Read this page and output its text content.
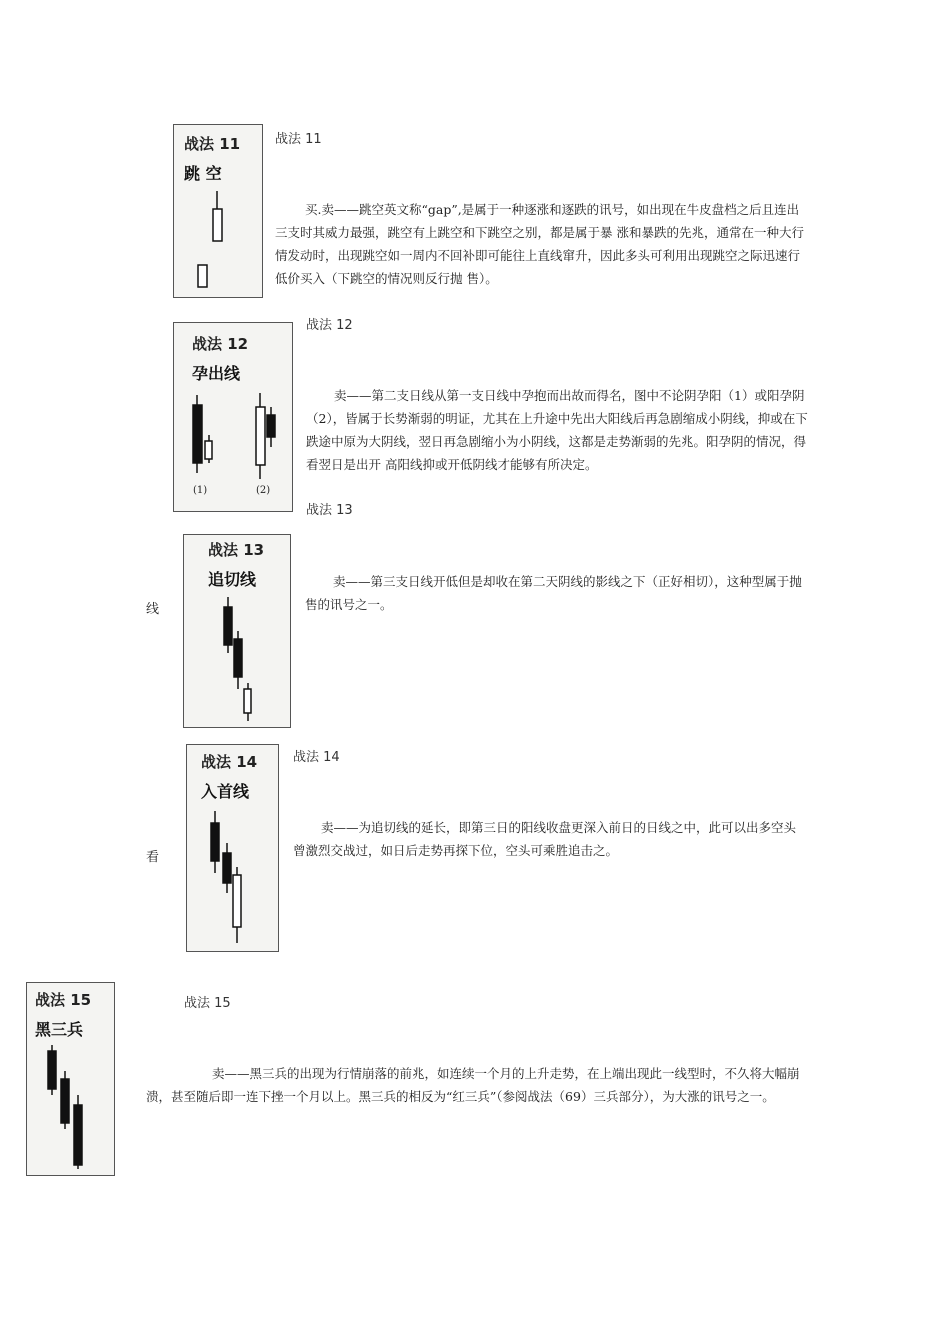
战法 11
跳 空
战法 11

买.卖——跳空英文称“gap”,是属于一种逐涨和逐跌的讯号，如出现在牛皮盘档之后且连出三支时其威力最强，跳空有上跳空和下跳空之别，都是属于暴 涨和暴跌的先兆，通常在一种大行情发动时，出现跳空如一周内不回补即可能往上直线窜升，因此多头可利用出现跳空之际迅速行低价买入（下跳空的情况则反行抛 售）。

战法 12
孕出线
(1)	(2)
战法 12

卖——第二支日线从第一支日线中孕抱而出故而得名，图中不论阴孕阳（1）或阳孕阴（2），皆属于长势渐弱的明证，尤其在上升途中先出大阳线后再急剧缩成小阴线，抑或在下跌途中原为大阴线，翌日再急剧缩小为小阴线，这都是走势渐弱的先兆。阳孕阴的情况，得看翌日是出开 高阳线抑或开低阴线才能够有所决定。

战法 13
战法 13
追切线
线

卖——第三支日线开低但是却收在第二天阴线的影线之下（正好相切），这种型属于抛售的讯号之一。

战法 14
入首线
战法 14
看

卖——为追切线的延长，即第三日的阳线收盘更深入前日的日线之中，此可以出多空头曾激烈交战过，如日后走势再探下位，空头可乘胜追击之。

战法 15
黑三兵
战法 15

卖——黑三兵的出现为行情崩落的前兆，如连续一个月的上升走势，在上端出现此一线型时，不久将大幅崩溃，甚至随后即一连下挫一个月以上。黑三兵的相反为“红三兵”（参阅战法（69）三兵部分），为大涨的讯号之一。
